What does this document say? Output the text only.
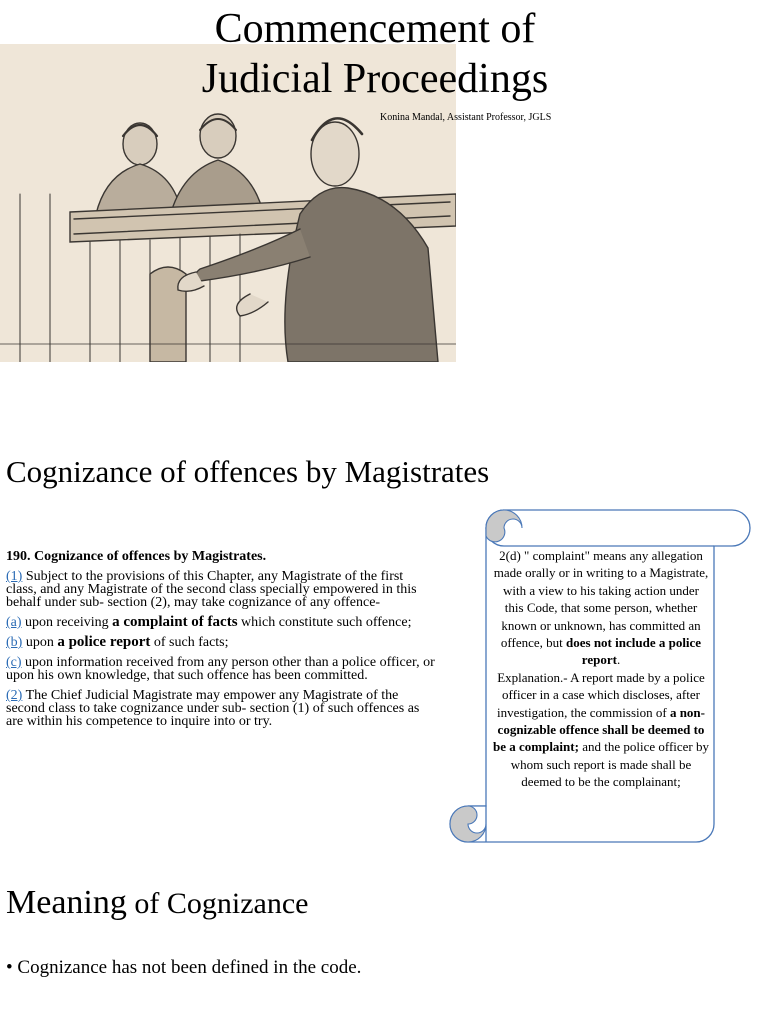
Commencement of
Judicial Proceedings
Konina Mandal, Assistant Professor, JGLS
Cognizance of offences by Magistrates
190. Cognizance of offences by Magistrates.

(1) Subject to the provisions of this Chapter, any Magistrate of the first class, and any Magistrate of the second class specially empowered in this behalf under sub- section (2), may take cognizance of any offence-

(a) upon receiving a complaint of facts which constitute such offence;

(b) upon a police report of such facts;

(c) upon information received from any person other than a police officer, or upon his own knowledge, that such offence has been committed.

(2) The Chief Judicial Magistrate may empower any Magistrate of the second class to take cognizance under sub- section (1) of such offences as are within his competence to inquire into or try.

2(d) " complaint" means any allegation made orally or in writing to a Magistrate, with a view to his taking action under this Code, that some person, whether known or unknown, has committed an offence, but does not include a police report.

Explanation.- A report made by a police officer in a case which discloses, after investigation, the commission of a non- cognizable offence shall be deemed to be a complaint; and the police officer by whom such report is made shall be deemed to be the complainant;

Meaning of Cognizance
• Cognizance has not been defined in the code.
